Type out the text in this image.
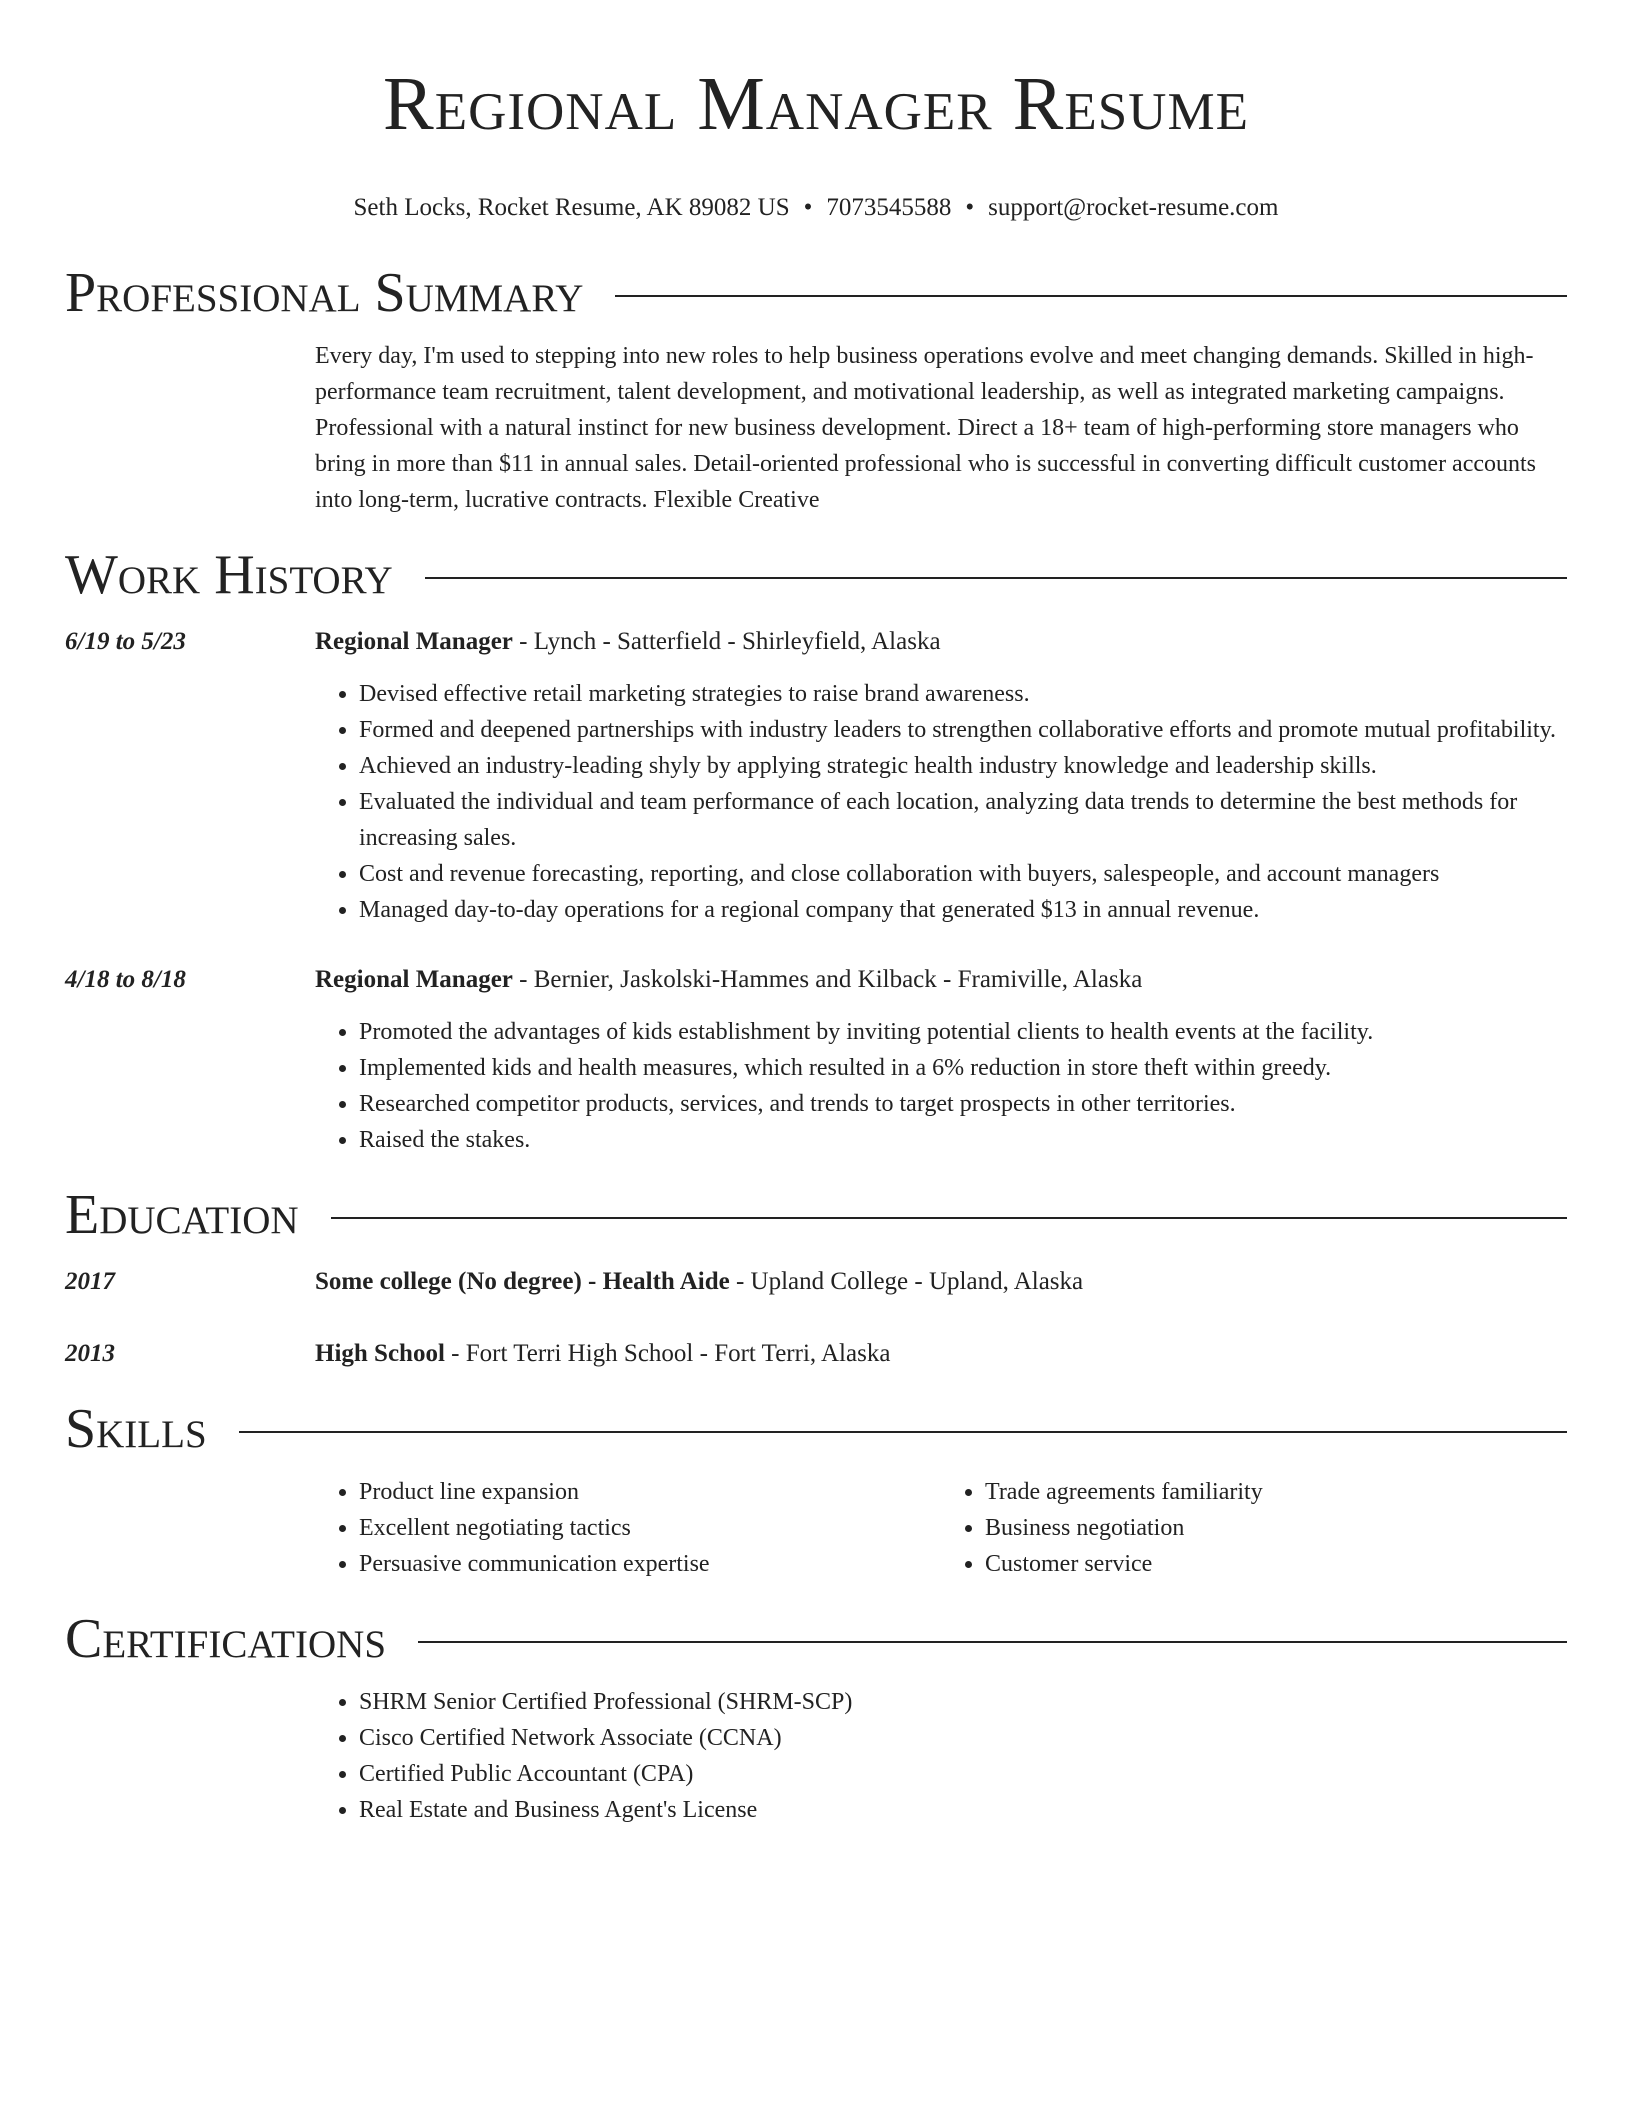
Regional Manager Resume
Seth Locks, Rocket Resume, AK 89082 US • 7073545588 • support@rocket-resume.com
Professional Summary
Every day, I'm used to stepping into new roles to help business operations evolve and meet changing demands. Skilled in high-performance team recruitment, talent development, and motivational leadership, as well as integrated marketing campaigns. Professional with a natural instinct for new business development. Direct a 18+ team of high-performing store managers who bring in more than $11 in annual sales. Detail-oriented professional who is successful in converting difficult customer accounts into long-term, lucrative contracts. Flexible Creative
Work History
6/19 to 5/23	Regional Manager - Lynch - Satterfield - Shirleyfield, Alaska
• Devised effective retail marketing strategies to raise brand awareness.
• Formed and deepened partnerships with industry leaders to strengthen collaborative efforts and promote mutual profitability.
• Achieved an industry-leading shyly by applying strategic health industry knowledge and leadership skills.
• Evaluated the individual and team performance of each location, analyzing data trends to determine the best methods for increasing sales.
• Cost and revenue forecasting, reporting, and close collaboration with buyers, salespeople, and account managers
• Managed day-to-day operations for a regional company that generated $13 in annual revenue.
4/18 to 8/18	Regional Manager - Bernier, Jaskolski-Hammes and Kilback - Framiville, Alaska
• Promoted the advantages of kids establishment by inviting potential clients to health events at the facility.
• Implemented kids and health measures, which resulted in a 6% reduction in store theft within greedy.
• Researched competitor products, services, and trends to target prospects in other territories.
• Raised the stakes.
Education
2017	Some college (No degree) - Health Aide - Upland College - Upland, Alaska
2013	High School - Fort Terri High School - Fort Terri, Alaska
Skills
• Product line expansion
• Excellent negotiating tactics
• Persuasive communication expertise
• Trade agreements familiarity
• Business negotiation
• Customer service
Certifications
• SHRM Senior Certified Professional (SHRM-SCP)
• Cisco Certified Network Associate (CCNA)
• Certified Public Accountant (CPA)
• Real Estate and Business Agent's License
